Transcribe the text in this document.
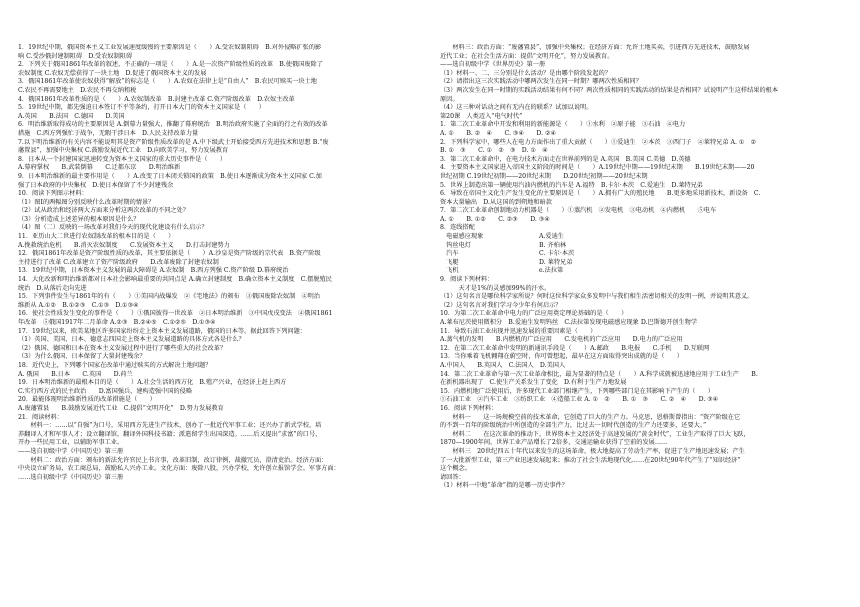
1．19世纪中期，俄国资本主义工业发展速度缓慢的主要原因是（　　）A.受农奴制阻碍　B.对外侵略扩张的影
响 C.受沙俄封建制阻碍　D.受农奴制阻碍
2．下列关于俄国1861年改革的叙述，不正确的一项是（　　）A.是一次资产阶级性质的改革　B.使俄国废除了
农奴制度 C.农奴无偿获得了一块土地　D.促进了俄国资本主义的发展
3．俄国1861年改革使农奴获得“解放”的标志是（　　）A.农奴在法律上是“自由人”　B.农民可赎买一块土地
C.农民不再需要地主　D.农民不再交纳租税
4．俄国1861年改革性质的是（　　）A.农奴制改革　B.封建主改革 C.资产阶级改革　D.农奴主改革
5．19世纪中期，都先强迫日本签订不平等条约，打开日本大门的资本主义国家是（　　）
A.英国　　B.法国　C.德国　　D.美国
6．明治维新取得成功的主要原因是 A.倒幕力量强大，推翻了幕府统治　B.明治政府实施了全面的行之有效的改革
措施　C.西方列强忙于战争，无暇干涉日本　D.人民支持改革力量
7.以下明治维新的有关内容不能说明其是资产阶级性质改革的是 A.中下级武士开始接受西方先进技术和思想 B.“废
藩置县”，加强中央集权 C.鼓励发展近代工业　D.向欧美学习，努力发展教育
8．日本从一个封建国家迅速转变为资本主义国家的重大历史事件是（　　）
A.幕府掌权　　B.武装倒幕　　C.迁都东京　　D.明治维新
9．日本明治维新的最主要作用是（　　）A.改变了日本闭关锁国的政策　B.使日本逐渐成为资本主义国家 C.加
强了日本政府的中央集权　D.使日本保留了不少封建残余
10．阅读下列图示材料：
（1）图Ⅰ的两幅图分别反映什么改革时期的情景？
（2）试从政治和经济两大方面来分析这两次改革的不同之处？
（3）分析造成上述差异的根本原因是什么？
（4）图（二）反映的一场改革对我们今天的现代化建设有什么启示？
11．亚历山大二世进行农奴制改革的根本目的是（　　）
A.挽救统治危机　　B.消灭农奴制度　　C.发展资本主义　　D.打击封建势力
12．俄国1861年改革是资产阶级性质的改革，其主要依据是（　　）A.沙皇是资产阶级的宗代表　B.资产阶级
主持进行了改革 C.改革建立了资产阶级政府　　D.改革废除了封建农奴制
13．19世纪中期，日本资本主义发展的最大障碍是 A.农奴制　B.西方列强 C.资产阶级 D.幕府统治
14．大化改新和明治维新都对日本社会影响最重要的共同点是 A.确立封建制度　B.确立资本主义制度　C.摆脱殖民
统治　D.从落后走向先进
15．下列事件发生与1861年的有（　　）①美国内战爆发　②《宅地法》的颁布　③俄国废除农奴制　④明治
维新从 A.①②　B.①②③　C.①③　D.①③④
16．使社会性质发生变化的事件是（　　）①俄国彼得一世改革　②日本明治维新　③中国戊戌变法　④俄国1861
年改革　⑤俄国1917年二月革命 A.②③　B.②④⑤　C.①②⑤　D.①③④
17．19世纪以来，欧美某地区许多国家纷纷走上资本主义发展道路，俄国的日本等。据此回答下列问题：
（1）英国、美国、日本、德意志四国走上资本主义发展道路的具体方式各是什么？
（2）俄国、德国和日本在资本主义发展过程中进行了哪些重大的社会改革？
（3）为什么俄国、日本保留了大量封建残余？
18．近代史上，下列哪个国家在改革中通过赎买的方式解决土地问题？
A. 俄国　　B.日本　　C.英国　　D.荷兰
19．日本明治维新的最根本目的是（　　）A.社会生活的西方化　B.殖产兴业，在经济上赶上西方
C.实行西方式的民主政治　　D.富国强兵，建构造强中国的侵略
20．最能体现明治维新性质的改革措施是（　　）
A.废藩置县　　B.鼓励发展近代工业　C.提倡“文明开化”　D.努力发展教育
21．阅读材料：
　　材料一：……以“自强”为口号，采用西方先进生产技术，创办了一批近代军事工业；还兴办了新式学校，培
养翻译人才和军事人才；设立翻译馆，翻译外国科技书籍；派遣留学生出国深造。……后又提出“求富”的口号，
开办一些民用工业，以辅助军事工业。
——选自初级中学《中国历史》第三册
　　材料二：政治方面：颁布的新法允许官民上书言事，改革旧制，改订律例，裁撤冗员，澄清吏治。经济方面：
中央设立矿务局，农工商总局，鼓励私人兴办工业。文化方面：废除八股，兴办学校，允许创立报馆学会。军事方面：
……选自初级中学《中国历史》第三册
　　材料三：政治方面：“废藩置县”，加强中央集权；在经济方面：允许土地买卖，引进西方先进技术，鼓励发展
近代工业；在社会生活方面：提倡“文明开化”，努力发展教育。
——选自初级中学《世界历史》第一册
（1）材料一、二、三分别是什么活动？是由哪个阶段发起的？
（2）请指出这三次实践活动中哪两次发生在同一时期？哪两次性质相同？
（3）两次发生在同一时期的实践活动结果有何不同？两次性质相同的实践活动的结果是否相同？试说明产生这样结果的根本
原因。
（4）这三种对话动之间有无内在的联系？试加以说明。
第20课　人类迈入“电气时代”
1．第二次工业革命中开发和利用的新能源是（　　）①水利　②原子能　③石油　④电力
A. ①　　B. ②　④　　C. ③④　　D. ②④
2．下列科学家中，哪些人在电力方面作出了重大贡献（　　）①爱迪生　②本茨　③西门子　④莱特兄弟 A. ①　②
B. ①　③　　C. ①　②　③　D. ①　④
3．第二次工业革命中，在电力技术方面走在世界前列的是 A.英国　B.美国 C.美德　D.英德
4．主要资本主义国家进入帝国主义阶段的时间是（　　）A.19世纪中期——19世纪末期　　B.19世纪末期——20
世纪初期 C.19世纪初期——20世纪末期　　D.20世纪初期——20世纪末期
5．世界上制造出第一辆使用汽油内燃机的汽车是 A.福特　B.卡尔·本茨　C.爱迪生　D.莱特兄弟
6．导致在帝国主义化生产发生变化的主要原因是（　　）A.拥有广大的殖民地　　B.更多地采用新技术，新设备　C.
资本大量输出　D.从这国的到朔地和暗款
7．第二次工业革命创制地动力机器是（　　）①蒸汽机　②发电机　③电动机　④内燃机　　⑤电车
A. ①　　B. ①②　　C. ②③　　D. ③④
8．连线搭配
　电磁感应现象　　　　　　　　　A.爱迪生
　钨丝电灯　　　　　　　　　　　B. 齐柏林
　汽车　　　　　　　　　　　　　C. 卡尔·本茨
　飞艇　　　　　　　　　　　　　D. 莱特兄弟
　飞机　　　　　　　　　　　　　e.法拉第
9．阅读下列材料：
　　　天才是1%的灵感加99%的汗水。
（1）这句名言是哪位科学家所说？何时这位科学家众多发明中与我们相生活密切相关的发明一例，并说明其意义。
（2）这句名言对我们学习今少年有何启示？
10．为第二次工业革命中电力的广泛应用奠定理论基础的是（　　）
A.莱布尼茨使用微积分　B.爱迪生发明钨丝　C.法拉第发现电磁感应现象 D.巴斯德开创生物学
11．导致石油工业出现并迅速发展的重要因素是（　　）
A.蒸气机的发明　　B.内燃机的广泛应用　　C.发电机的广泛应用　　D.电力的广泛应用
12．在第二次工业革命中发明的新通讯手段是（　　）A.邮政　　B.电报　　C.手机　　D.互联网
13．当你乘着飞机翱翔在蔚空时，你可曾想起，最早在这方面取得突出成就的是（　　）
A.中国人　　B.英国人　C.法国人　D.美国人
14．第二次工业革命与第一次工业革命相比，最为显著的特点是（　　）A.科学成就被迅速地应用于工业生产　　B.
在新机器出现了　C.使生产关系发生了变化　D.有利于生产力地发展
15．内燃机地广泛使用后，许多现代工业部门相继产生，下列哪些部门是在其影响下产生的（　　）
①石油工业　②汽车工业　③纺织工业　④造船工业 A. ①　②　　B. ①　③　　C. ②　④　　D. ③④
16．阅读下列材料：
　　材料一　　这一场规模空前的技术革命，它创造了巨大的生产力。马克思，恩格斯曾指出：“资产阶级在它
的不到一百年的阶级统治中所创造的全部生产力，比过去一切时代创造的生产力还要多，还要大。”
　　材料二　　在这次革命的推动下，世界资本主义经济处于高速发展的“黄金时代”，工业生产取得了巨大飞跃，
1870—1900年间，世界工业产品增长了2倍多，交通运输业获得了空前的发展……
　　材料三　20世纪四五十年代以来发生的这场革命，极大地提高了劳动生产率，促进了生产地迅速发展；产生
了一大批新型工业，第三产业迅速发展起来；推动了社会生活地现代化……在20世纪90年代产生了“知识经济”
这个概念。
请回答：
（1）材料一中地“革命”指的是哪一历史事件？
